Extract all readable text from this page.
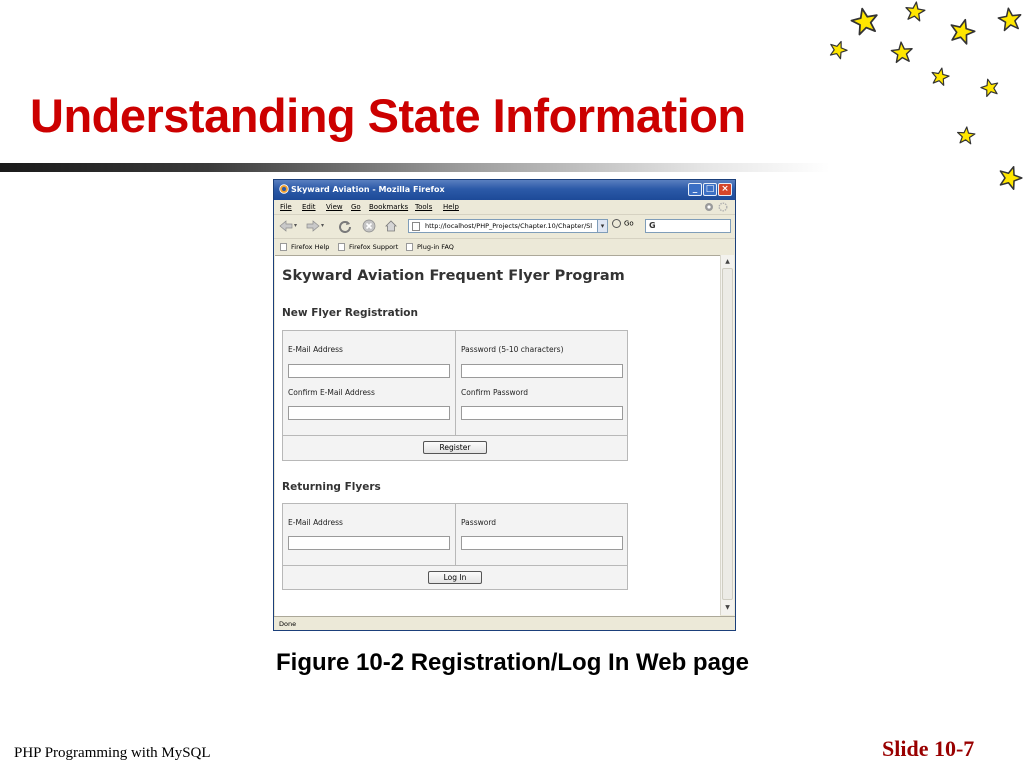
Understanding State Information
Skyward Aviation - Mozilla Firefox	_ □ ×
File Edit View Go Bookmarks Tools Help
▾	▾	http://localhost/PHP_Projects/Chapter.10/Chapter/Sl	▾	Go	G
Firefox Help	Firefox Support	Plug-in FAQ
Skyward Aviation Frequent Flyer Program
New Flyer Registration
E-Mail Address	Password (5-10 characters)
Confirm E-Mail Address	Confirm Password
Register
Returning Flyers
E-Mail Address	Password
Log In
▲
▼
Done

Figure 10-2 Registration/Log In Web page

PHP Programming with MySQL	Slide 10-7
